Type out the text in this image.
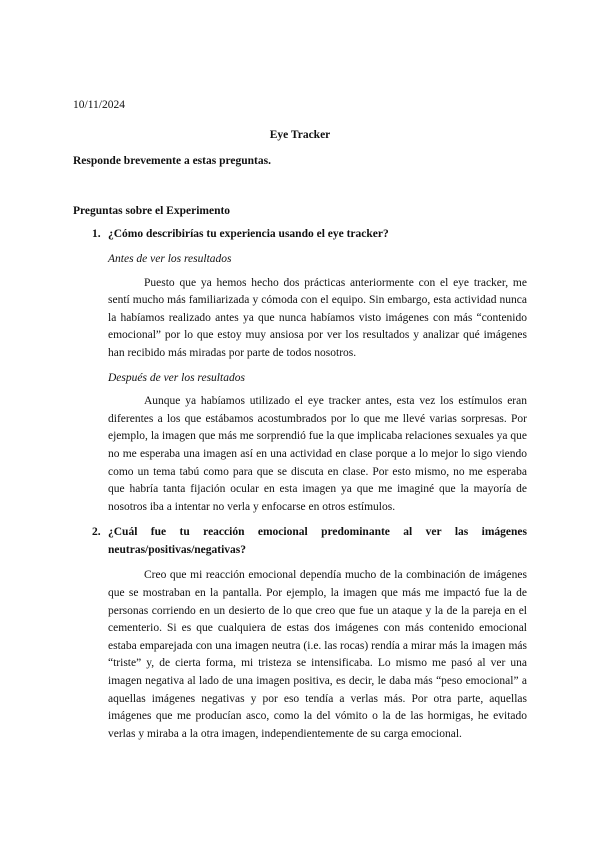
10/11/2024

Eye Tracker

Responde brevemente a estas preguntas.

Preguntas sobre el Experimento

1. ¿Cómo describirías tu experiencia usando el eye tracker?

Antes de ver los resultados

Puesto que ya hemos hecho dos prácticas anteriormente con el eye tracker, me sentí mucho más familiarizada y cómoda con el equipo. Sin embargo, esta actividad nunca la habíamos realizado antes ya que nunca habíamos visto imágenes con más “contenido emocional” por lo que estoy muy ansiosa por ver los resultados y analizar qué imágenes han recibido más miradas por parte de todos nosotros.

Después de ver los resultados

Aunque ya habíamos utilizado el eye tracker antes, esta vez los estímulos eran diferentes a los que estábamos acostumbrados por lo que me llevé varias sorpresas. Por ejemplo, la imagen que más me sorprendió fue la que implicaba relaciones sexuales ya que no me esperaba una imagen así en una actividad en clase porque a lo mejor lo sigo viendo como un tema tabú como para que se discuta en clase. Por esto mismo, no me esperaba que habría tanta fijación ocular en esta imagen ya que me imaginé que la mayoría de nosotros iba a intentar no verla y enfocarse en otros estímulos.

2. ¿Cuál fue tu reacción emocional predominante al ver las imágenes neutras/positivas/negativas?

Creo que mi reacción emocional dependía mucho de la combinación de imágenes que se mostraban en la pantalla. Por ejemplo, la imagen que más me impactó fue la de personas corriendo en un desierto de lo que creo que fue un ataque y la de la pareja en el cementerio. Si es que cualquiera de estas dos imágenes con más contenido emocional estaba emparejada con una imagen neutra (i.e. las rocas) rendía a mirar más la imagen más “triste” y, de cierta forma, mi tristeza se intensificaba. Lo mismo me pasó al ver una imagen negativa al lado de una imagen positiva, es decir, le daba más “peso emocional” a aquellas imágenes negativas y por eso tendía a verlas más. Por otra parte, aquellas imágenes que me producían asco, como la del vómito o la de las hormigas, he evitado verlas y miraba a la otra imagen, independientemente de su carga emocional.
